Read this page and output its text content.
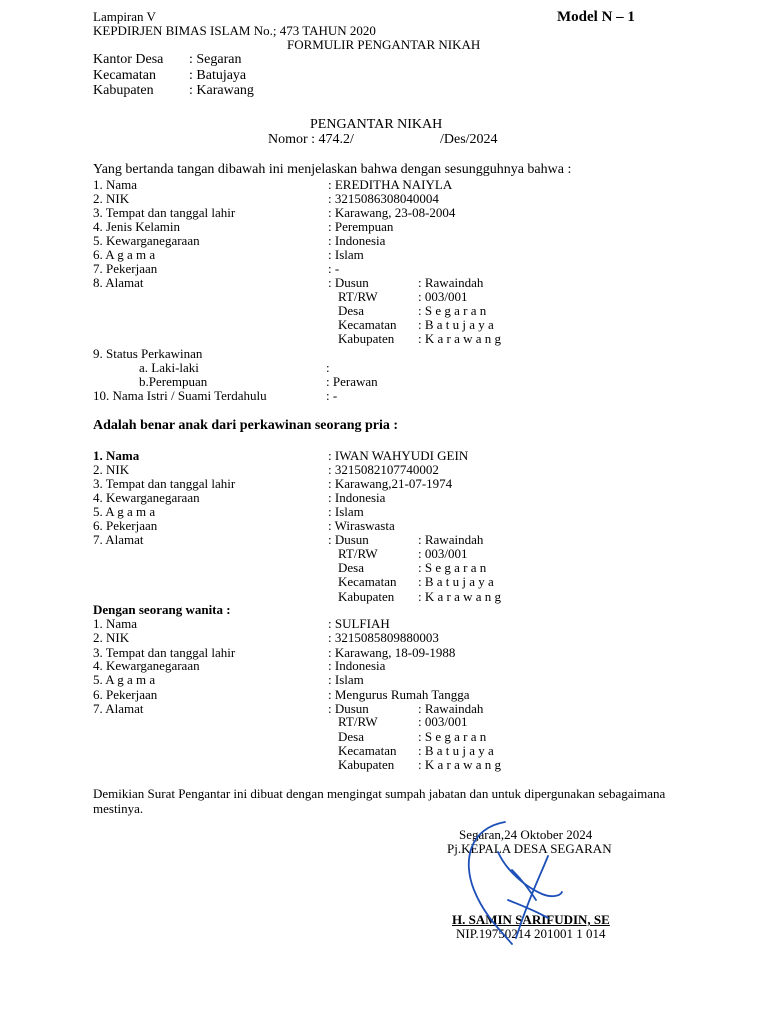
Lampiran V	Model N – 1
KEPDIRJEN BIMAS ISLAM No.; 473 TAHUN 2020
FORMULIR PENGANTAR NIKAH
Kantor Desa : Segaran
Kecamatan : Batujaya
Kabupaten	: Karawang
PENGANTAR NIKAH
Nomor : 474.2/	/Des/2024
Yang bertanda tangan dibawah ini menjelaskan bahwa dengan sesungguhnya bahwa :
1. Nama	: EREDITHA NAIYLA
2. NIK	: 3215086308040004
3. Tempat dan tanggal lahir	: Karawang, 23-08-2004
4. Jenis Kelamin	: Perempuan
5. Kewarganegaraan	: Indonesia
6. A g a m a	: Islam
7. Pekerjaan	: -
8. Alamat	: Dusun	: Rawaindah
RT/RW	: 003/001
Desa	: S e g a r a n
Kecamatan : B a t u j a y a
Kabupaten : K a r a w a n g
9. Status Perkawinan
a. Laki-laki	:
b.Perempuan	: Perawan
10. Nama Istri / Suami Terdahulu	: -
Adalah benar anak dari perkawinan seorang pria :
1. Nama	: IWAN WAHYUDI GEIN
2. NIK	: 3215082107740002
3. Tempat dan tanggal lahir	: Karawang,21-07-1974
4. Kewarganegaraan	: Indonesia
5. A g a m a	: Islam
6. Pekerjaan	: Wiraswasta
7. Alamat	: Dusun	: Rawaindah
RT/RW	: 003/001
Desa	: S e g a r a n
Kecamatan : B a t u j a y a
Kabupaten : K a r a w a n g
Dengan seorang wanita :
1. Nama	: SULFIAH
2. NIK	: 3215085809880003
3. Tempat dan tanggal lahir	: Karawang, 18-09-1988
4. Kewarganegaraan	: Indonesia
5. A g a m a	: Islam
6. Pekerjaan	: Mengurus Rumah Tangga
7. Alamat	: Dusun	: Rawaindah
RT/RW	: 003/001
Desa	: S e g a r a n
Kecamatan : B a t u j a y a
Kabupaten : K a r a w a n g
Demikian Surat Pengantar ini dibuat dengan mengingat sumpah jabatan dan untuk dipergunakan sebagaimana mestinya.
Segaran,24 Oktober 2024
Pj.KEPALA DESA SEGARAN
H. SAMIN SARIFUDIN, SE
NIP.19750214 201001 1 014
